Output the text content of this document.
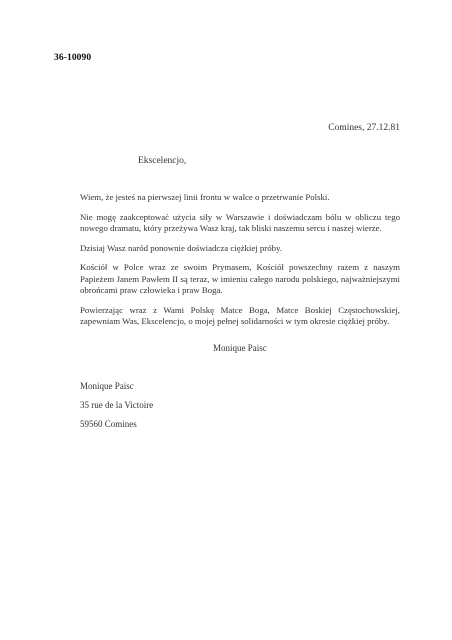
36-10090
Comines, 27.12.81
Ekscelencjo,

Wiem, że jesteś na pierwszej linii frontu w walce o przetrwanie Polski.

Nie mogę zaakceptować użycia siły w Warszawie i doświadczam bólu w obliczu tego nowego dramatu, który przeżywa Wasz kraj, tak bliski naszemu sercu i naszej wierze.

Dzisiaj Wasz naród ponownie doświadcza ciężkiej próby.

Kościół w Polce wraz ze swoim Prymasem, Kościół powszechny razem z naszym Papieżem Janem Pawłem II są teraz, w imieniu całego narodu polskiego, najważniejszymi obrońcami praw człowieka i praw Boga.

Powierzając wraz z Wami Polskę Matce Boga, Matce Boskiej Częstochowskiej, zapewniam Was, Ekscelencjo, o mojej pełnej solidarności w tym okresie ciężkiej próby.

Monique Paisc
Monique Paisc
35 rue de la Victoire
59560 Comines
